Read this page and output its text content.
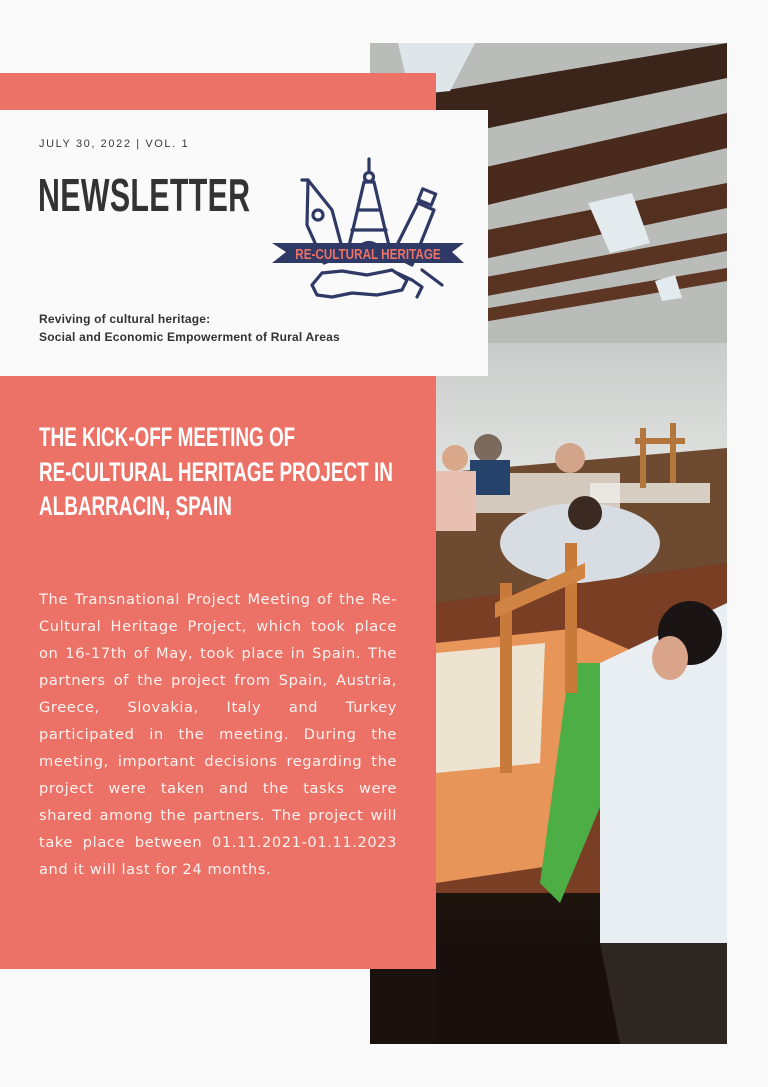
JULY 30, 2022 | VOL. 1
NEWSLETTER
RE-CULTURAL HERITAGE
Reviving of cultural heritage:
Social and Economic Empowerment of Rural Areas
THE KICK-OFF MEETING OF
RE-CULTURAL HERITAGE PROJECT IN
ALBARRACIN, SPAIN

The Transnational Project Meeting of the Re-Cultural Heritage Project, which took place on 16-17th of May, took place in Spain. The partners of the project from Spain, Austria, Greece, Slovakia, Italy and Turkey participated in the meeting. During the meeting, important decisions regarding the project were taken and the tasks were shared among the partners. The project will take place between 01.11.2021-01.11.2023 and it will last for 24 months.
